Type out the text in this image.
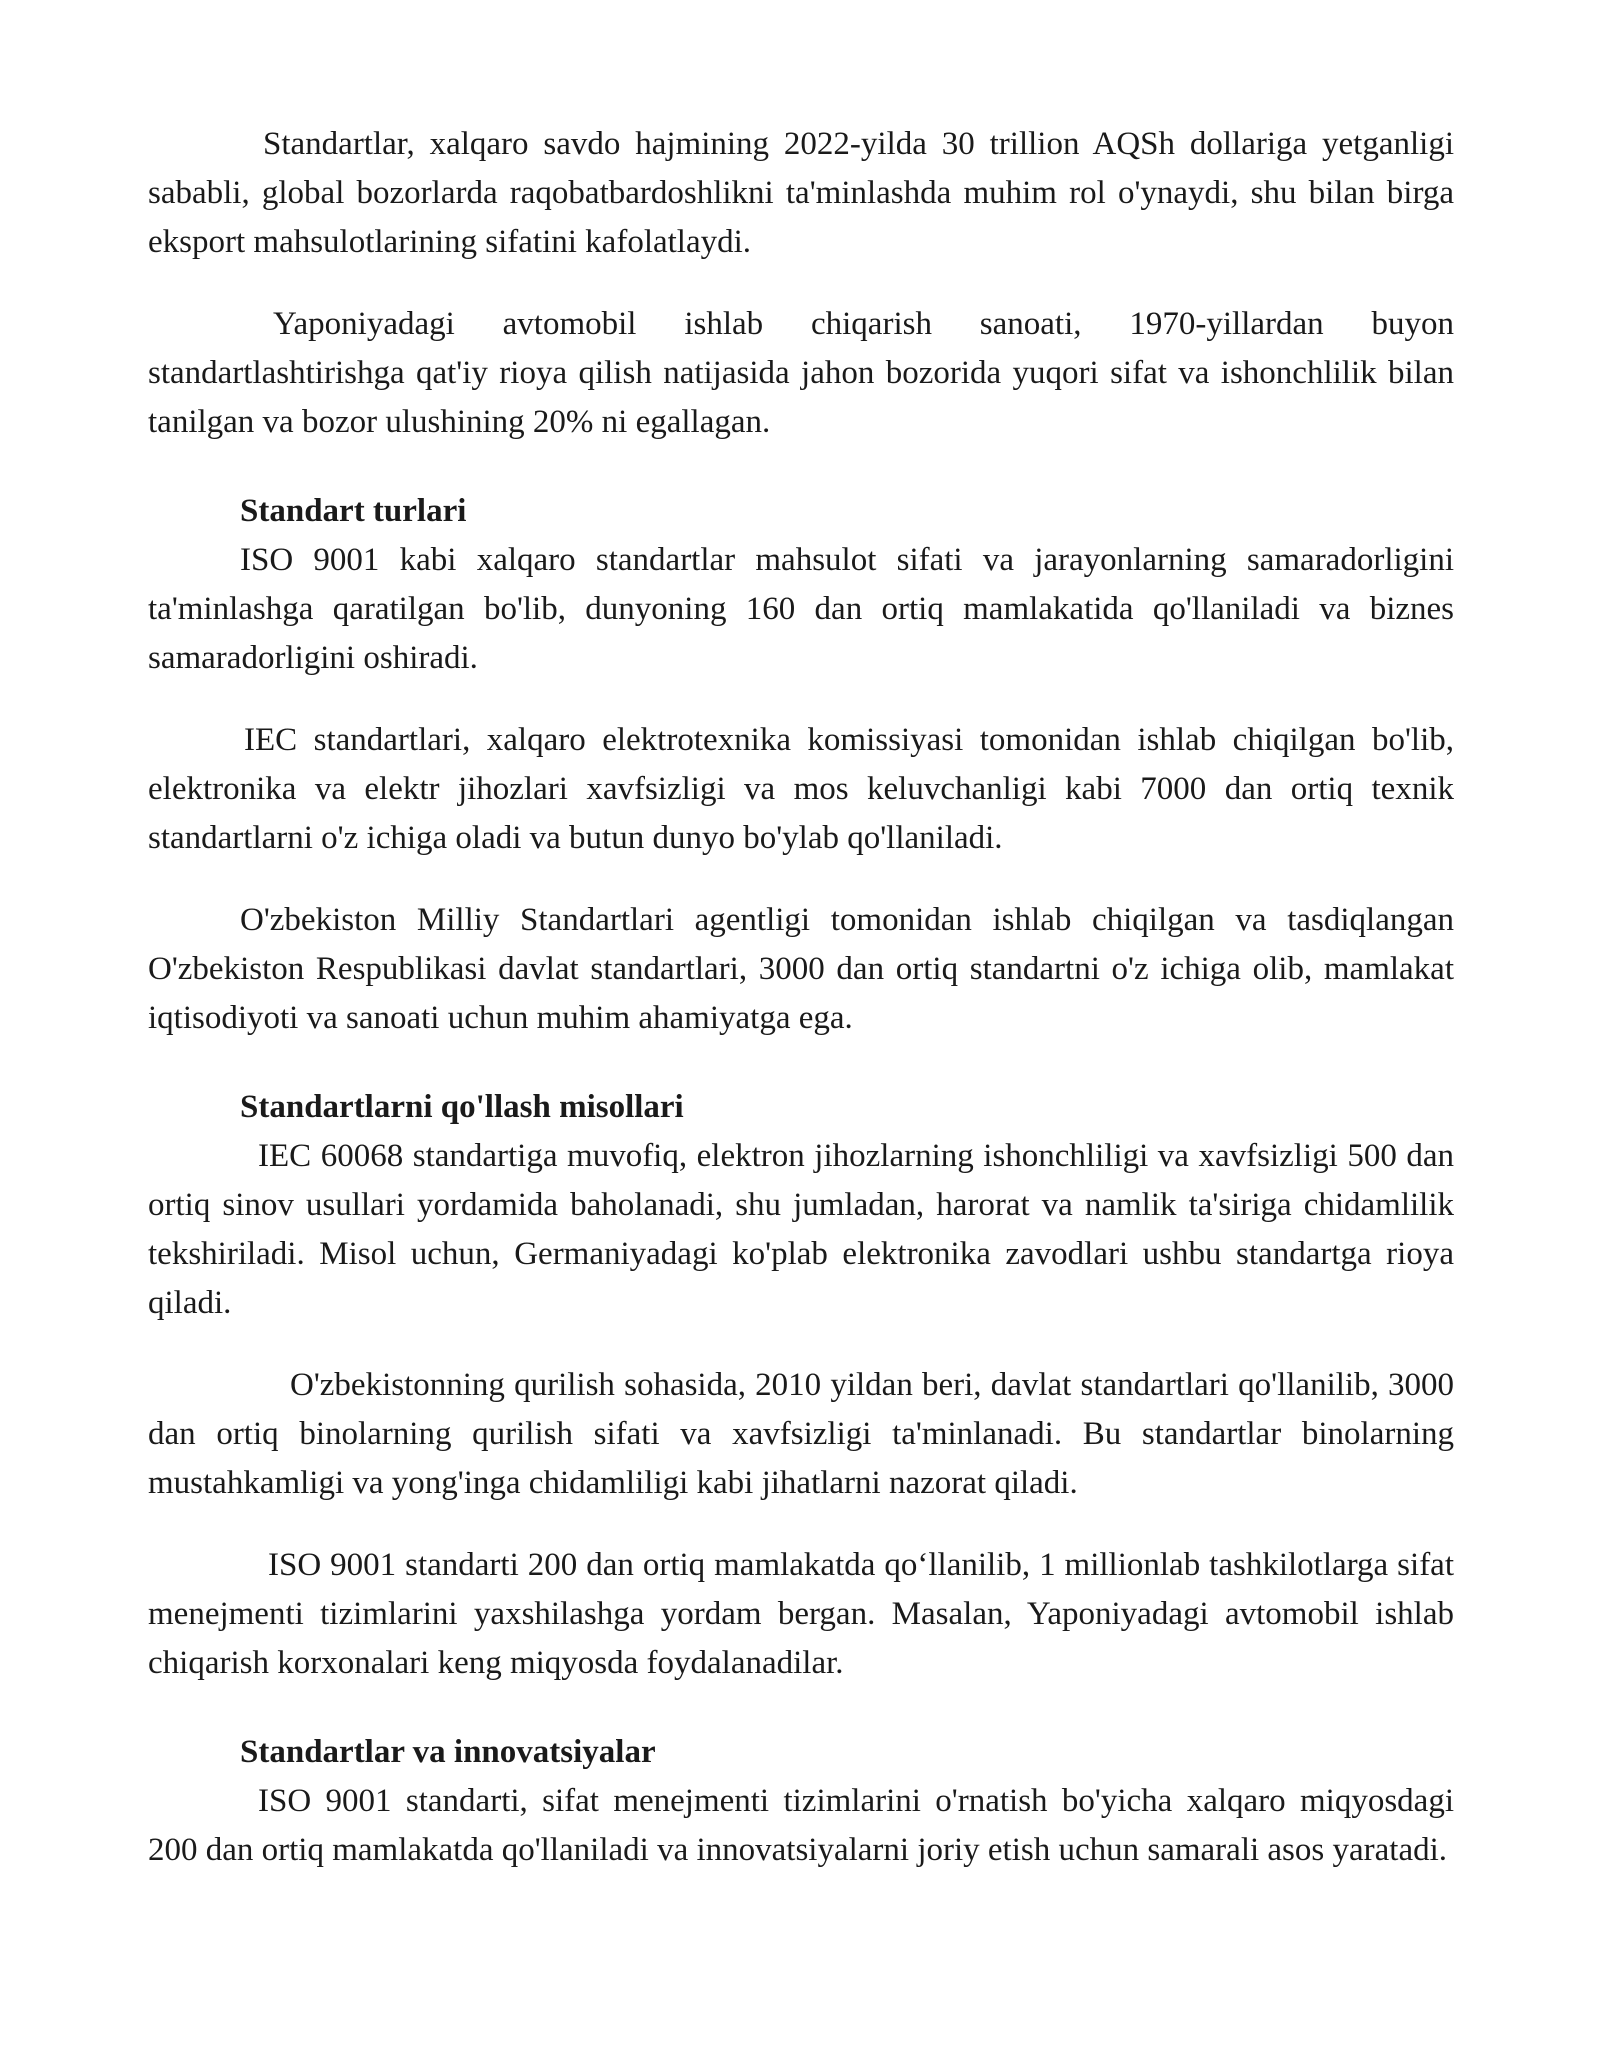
Standartlar, xalqaro savdo hajmining 2022-yilda 30 trillion AQSh dollariga yetganligi sababli, global bozorlarda raqobatbardoshlikni ta'minlashda muhim rol o'ynaydi, shu bilan birga eksport mahsulotlarining sifatini kafolatlaydi.

Yaponiyadagi avtomobil ishlab chiqarish sanoati, 1970-yillardan buyon standartlashtirishga qat'iy rioya qilish natijasida jahon bozorida yuqori sifat va ishonchlilik bilan tanilgan va bozor ulushining 20% ni egallagan.

Standart turlari

ISO 9001 kabi xalqaro standartlar mahsulot sifati va jarayonlarning samaradorligini ta'minlashga qaratilgan bo'lib, dunyoning 160 dan ortiq mamlakatida qo'llaniladi va biznes samaradorligini oshiradi.

IEC standartlari, xalqaro elektrotexnika komissiyasi tomonidan ishlab chiqilgan bo'lib, elektronika va elektr jihozlari xavfsizligi va mos keluvchanligi kabi 7000 dan ortiq texnik standartlarni o'z ichiga oladi va butun dunyo bo'ylab qo'llaniladi.

O'zbekiston Milliy Standartlari agentligi tomonidan ishlab chiqilgan va tasdiqlangan O'zbekiston Respublikasi davlat standartlari, 3000 dan ortiq standartni o'z ichiga olib, mamlakat iqtisodiyoti va sanoati uchun muhim ahamiyatga ega.

Standartlarni qo'llash misollari

IEC 60068 standartiga muvofiq, elektron jihozlarning ishonchliligi va xavfsizligi 500 dan ortiq sinov usullari yordamida baholanadi, shu jumladan, harorat va namlik ta'siriga chidamlilik tekshiriladi. Misol uchun, Germaniyadagi ko'plab elektronika zavodlari ushbu standartga rioya qiladi.

O'zbekistonning qurilish sohasida, 2010 yildan beri, davlat standartlari qo'llanilib, 3000 dan ortiq binolarning qurilish sifati va xavfsizligi ta'minlanadi. Bu standartlar binolarning mustahkamligi va yong'inga chidamliligi kabi jihatlarni nazorat qiladi.

ISO 9001 standarti 200 dan ortiq mamlakatda qo‘llanilib, 1 millionlab tashkilotlarga sifat menejmenti tizimlarini yaxshilashga yordam bergan. Masalan, Yaponiyadagi avtomobil ishlab chiqarish korxonalari keng miqyosda foydalanadilar.

Standartlar va innovatsiyalar

ISO 9001 standarti, sifat menejmenti tizimlarini o'rnatish bo'yicha xalqaro miqyosdagi 200 dan ortiq mamlakatda qo'llaniladi va innovatsiyalarni joriy etish uchun samarali asos yaratadi.
